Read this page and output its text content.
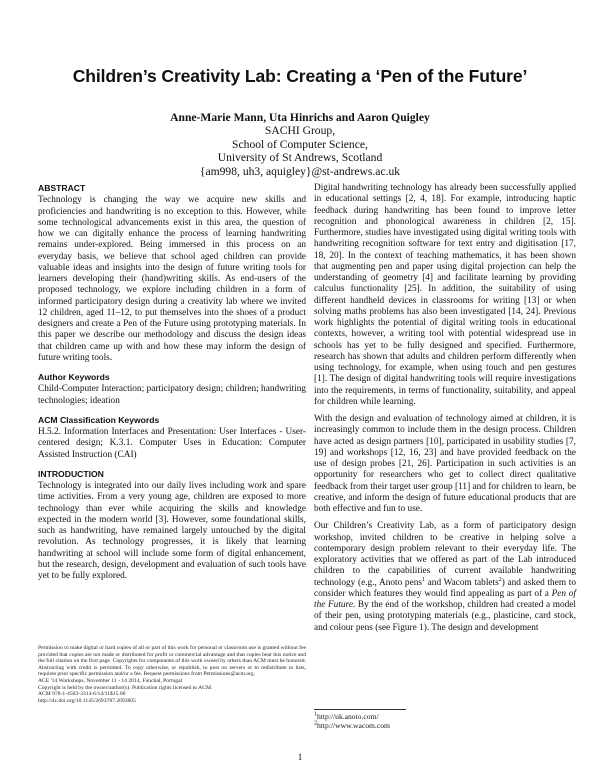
Children’s Creativity Lab: Creating a ‘Pen of the Future’
Anne-Marie Mann, Uta Hinrichs and Aaron Quigley
SACHI Group,
School of Computer Science,
University of St Andrews, Scotland
{am998, uh3, aquigley}@st-andrews.ac.uk
ABSTRACT

Technology is changing the way we acquire new skills and proficiencies and handwriting is no exception to this. However, while some technological advancements exist in this area, the question of how we can digitally enhance the process of learning handwriting remains under-explored. Being immersed in this process on an everyday basis, we believe that school aged children can provide valuable ideas and insights into the design of future writing tools for learners developing their (hand)writing skills. As end-users of the proposed technology, we explore including children in a form of informed participatory design during a creativity lab where we invited 12 children, aged 11–12, to put themselves into the shoes of a product designers and create a Pen of the Future using prototyping materials. In this paper we describe our methodology and discuss the design ideas that children came up with and how these may inform the design of future writing tools.

Author Keywords

Child-Computer Interaction; participatory design; children; handwriting technologies; ideation

ACM Classification Keywords

H.5.2. Information Interfaces and Presentation: User Interfaces - User-centered design; K.3.1. Computer Uses in Education: Computer Assisted Instruction (CAI)

INTRODUCTION

Technology is integrated into our daily lives including work and spare time activities. From a very young age, children are exposed to more technology than ever while acquiring the skills and knowledge expected in the modern world [3]. However, some foundational skills, such as handwriting, have remained largely untouched by the digital revolution. As technology progresses, it is likely that learning handwriting at school will include some form of digital enhancement, but the research, design, development and evaluation of such tools have yet to be fully explored.

Permission to make digital or hard copies of all or part of this work for personal or classroom use is granted without fee provided that copies are not made or distributed for profit or commercial advantage and that copies bear this notice and the full citation on the first page. Copyrights for components of this work owned by others than ACM must be honored. Abstracting with credit is permitted. To copy otherwise, or republish, to post on servers or to redistribute to lists, requires prior specific permission and/or a fee. Request permissions from Permissions@acm.org.

ACE '14 Workshops, November 11 - 14 2014, Funchal, Portugal

Copyright is held by the owner/author(s). Publication rights licensed to ACM.

ACM 978-1-4503-3314-6/14/11$15.00

http://dx.doi.org/10.1145/2693787.2693805

Digital handwriting technology has already been successfully applied in educational settings [2, 4, 18]. For example, introducing haptic feedback during handwriting has been found to improve letter recognition and phonological awareness in children [2, 15]. Furthermore, studies have investigated using digital writing tools with handwriting recognition software for text entry and digitisation [17, 18, 20]. In the context of teaching mathematics, it has been shown that augmenting pen and paper using digital projection can help the understanding of geometry [4] and facilitate learning by providing calculus functionality [25]. In addition, the suitability of using different handheld devices in classrooms for writing [13] or when solving maths problems has also been investigated [14, 24]. Previous work highlights the potential of digital writing tools in educational contexts, however, a writing tool with potential widespread use in schools has yet to be fully designed and specified. Furthermore, research has shown that adults and children perform differently when using technology, for example, when using touch and pen gestures [1]. The design of digital handwriting tools will require investigations into the requirements, in terms of functionality, suitability, and appeal for children while learning.

With the design and evaluation of technology aimed at children, it is increasingly common to include them in the design process. Children have acted as design partners [10], participated in usability studies [7, 19] and workshops [12, 16, 23] and have provided feedback on the use of design probes [21, 26]. Participation in such activities is an opportunity for researchers who get to collect direct qualitative feedback from their target user group [11] and for children to learn, be creative, and inform the design of future educational products that are both effective and fun to use.

Our Children’s Creativity Lab, as a form of participatory design workshop, invited children to be creative in helping solve a contemporary design problem relevant to their everyday life. The exploratory activities that we offered as part of the Lab introduced children to the capabilities of current available handwriting technology (e.g., Anoto pens$^1$ and Wacom tablets$^2$) and asked them to consider which features they would find appealing as part of a Pen of the Future. By the end of the workshop, children had created a model of their pen, using prototyping materials (e.g., plasticine, card stock, and colour pens (see Figure 1). The design and development

$^1$http://uk.anoto.com/
$^2$http://www.wacom.com
1
